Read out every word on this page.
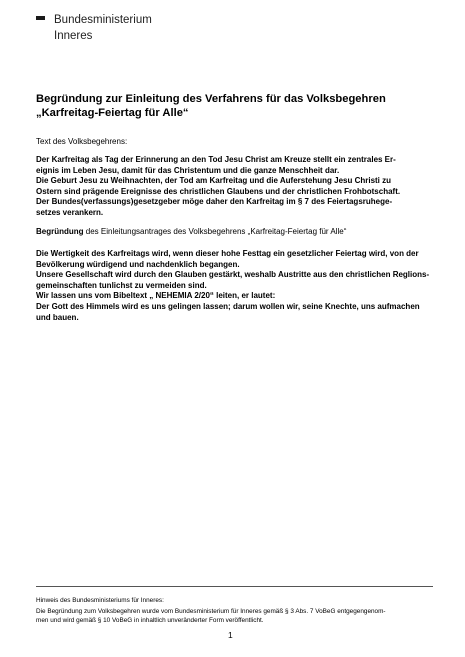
Bundesministerium
Inneres
Begründung zur Einleitung des Verfahrens für das Volksbegehren
„Karfreitag-Feiertag für Alle“
Text des Volksbegehrens:
Der Karfreitag als Tag der Erinnerung an den Tod Jesu Christ am Kreuze stellt ein zentrales Er-
eignis im Leben Jesu, damit für das Christentum und die ganze Menschheit dar.
Die Geburt Jesu zu Weihnachten, der Tod am Karfreitag und die Auferstehung Jesu Christi zu
Ostern sind prägende Ereignisse des christlichen Glaubens und der christlichen Frohbotschaft.
Der Bundes(verfassungs)gesetzgeber möge daher den Karfreitag im § 7 des Feiertagsruhege-
setzes verankern.
Begründung des Einleitungsantrages des Volksbegehrens „Karfreitag-Feiertag für Alle“
Die Wertigkeit des Karfreitags wird, wenn dieser hohe Festtag ein gesetzlicher Feiertag wird, von der
Bevölkerung würdigend und nachdenklich begangen.
Unsere Gesellschaft wird durch den Glauben gestärkt, weshalb Austritte aus den christlichen Reglions-
gemeinschaften tunlichst zu vermeiden sind.
Wir lassen uns vom Bibeltext „ NEHEMIA 2/20“ leiten, er lautet:
Der Gott des Himmels wird es uns gelingen lassen; darum wollen wir, seine Knechte, uns aufmachen
und bauen.
Hinweis des Bundesministeriums für Inneres:
Die Begründung zum Volksbegehren wurde vom Bundesministerium für Inneres gemäß § 3 Abs. 7 VoBeG entgegengenom-
men und wird gemäß § 10 VoBeG in inhaltlich unveränderter Form veröffentlicht.
1
